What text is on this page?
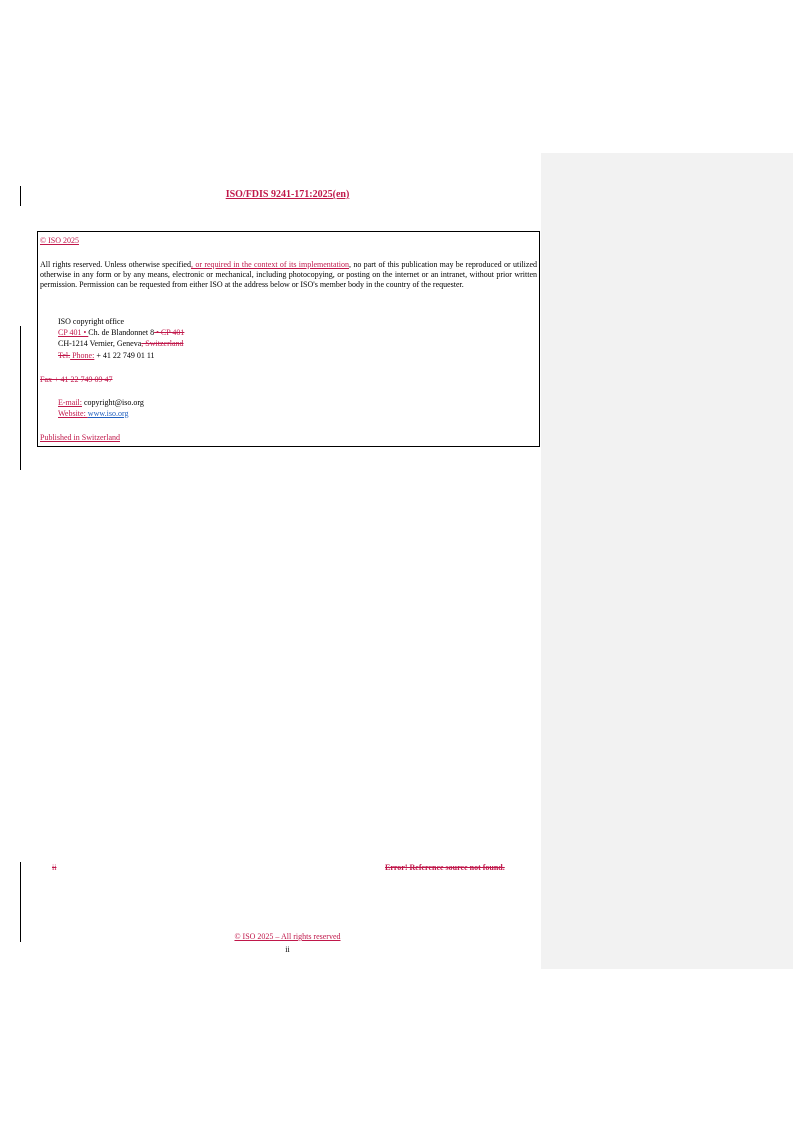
ISO/FDIS 9241-171:2025(en)
© ISO 2025
All rights reserved. Unless otherwise specified, or required in the context of its implementation, no part of this publication may be reproduced or utilized otherwise in any form or by any means, electronic or mechanical, including photocopying, or posting on the internet or an intranet, without prior written permission. Permission can be requested from either ISO at the address below or ISO's member body in the country of the requester.
ISO copyright office
CP 401 • Ch. de Blandonnet 8 • CP 401
CH-1214 Vernier, Geneva, Switzerland
Tel. Phone: + 41 22 749 01 11
Fax + 41 22 749 09 47
E-mail: copyright@iso.org
Website: www.iso.org
Published in Switzerland
ii	Error! Reference source not found.
© ISO 2025 – All rights reserved
ii
